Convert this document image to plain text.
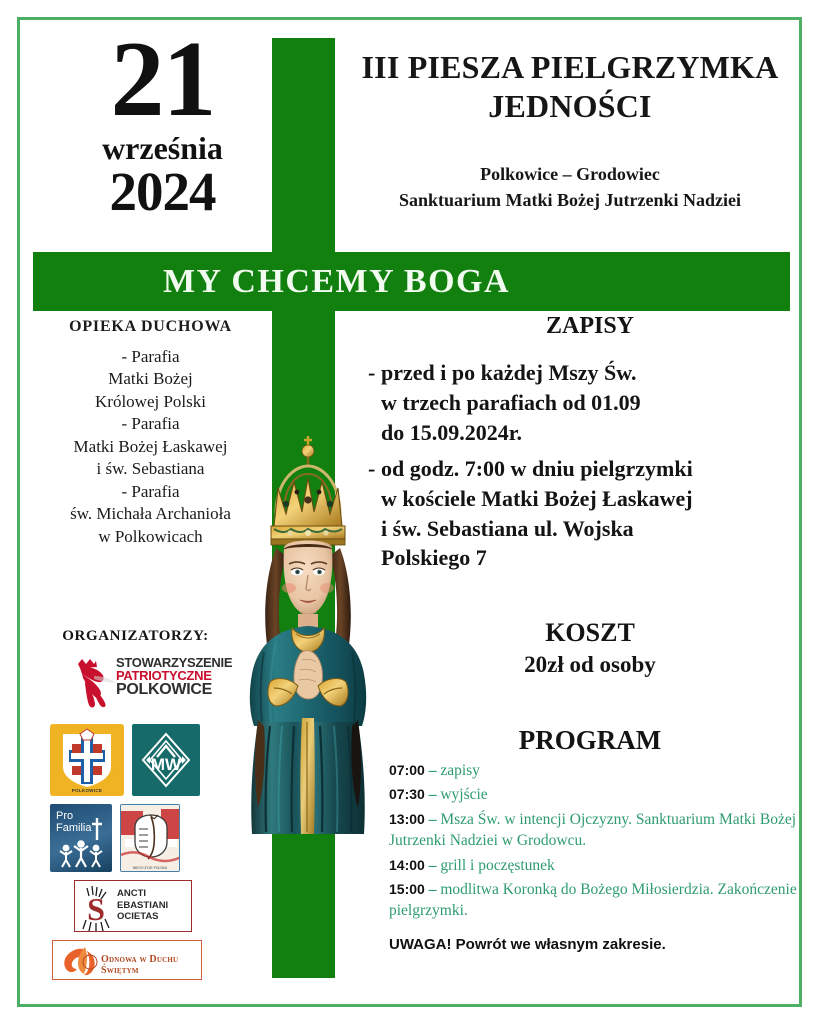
21
września
2024
III PIESZA PIELGRZYMKA
JEDNOŚCI
Polkowice – Grodowiec
Sanktuarium Matki Bożej Jutrzenki Nadziei
MY CHCEMY BOGA
OPIEKA DUCHOWA
- Parafia
Matki Bożej
Królowej Polski
- Parafia
Matki Bożej Łaskawej
i św. Sebastiana
- Parafia
św. Michała Archanioła
w Polkowicach
ORGANIZATORZY:
STOWARZYSZENIE
PATRIOTYCZNE
POLKOWICE
POLKOWICE
MW
Pro
Familia
NIECH ŻYJE POLSKA
S ANCTI
EBASTIANI
OCIETAS
Odnowa w Duchu Świętym
ZAPISY
- przed i po każdej Mszy Św.
w trzech parafiach od 01.09
do 15.09.2024r.
- od godz. 7:00 w dniu pielgrzymki
w kościele Matki Bożej Łaskawej
i św. Sebastiana ul. Wojska
Polskiego 7
KOSZT
20zł od osoby
PROGRAM
07:00 – zapisy
07:30 – wyjście
13:00 – Msza Św. w intencji Ojczyzny. Sanktuarium Matki Bożej Jutrzenki Nadziei w Grodowcu.
14:00 – grill i poczęstunek
15:00 – modlitwa Koronką do Bożego Miłosierdzia. Zakończenie pielgrzymki.
UWAGA! Powrót we własnym zakresie.
